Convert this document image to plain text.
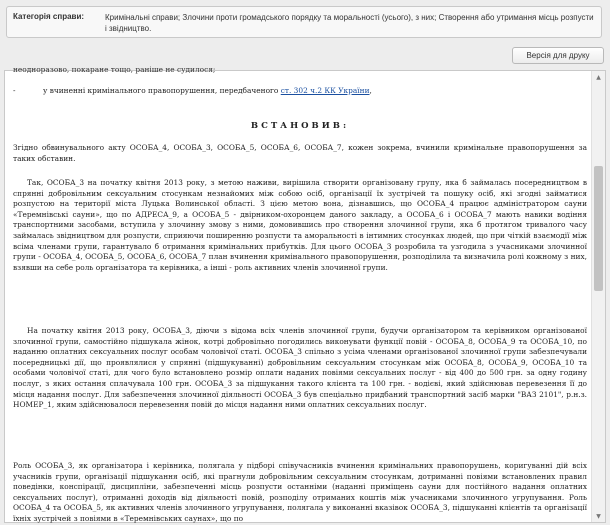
Категорія справи:	Кримінальні справи; Злочини проти громадського порядку та моральності (усього), з них; Створення або утримання місць розпусти і звідництво.
Версія для друку
неодноразово, покаране тощо, раніше не судилося;
-	у вчиненні кримінального правопорушення, передбаченого ст. 302 ч.2 КК України,
ВСТАНОВИВ:

Згідно обвинувального акту ОСОБА_4, ОСОБА_3, ОСОБА_5, ОСОБА_6, ОСОБА_7, кожен зокрема, вчинили кримінальне правопорушення за таких обставин.

Так, ОСОБА_3 на початку квітня 2013 року, з метою наживи, вирішила створити організовану групу, яка б займалась посередництвом в спрянні добровільним сексуальним стосункам незнайомих між собою осіб, організації їх зустрічей та пошуку осіб, які згодні займатися розпустою на території міста Луцька Волинської області. З цією метою вона, дізнавшись, що ОСОБА_4 працює адміністратором сауни «Теремнівські сауни», що по АДРЕСА_9, а ОСОБА_5 - двірником-охоронцем даного закладу, а ОСОБА_6 і ОСОБА_7 мають навики водіння транспортними засобами, вступила у злочинну змову з ними, домовившись про створення злочинної групи, яка б протягом тривалого часу займалась звідництвом для розпусти, сприяючи поширенню розпусти та аморальності в інтимних стосунках людей, що при чіткій взаємодії між всіма членами групи, гарантувало б отримання кримінальних прибутків. Для цього ОСОБА_3 розробила та узгодила з учасниками злочинної групи - ОСОБА_4, ОСОБА_5, ОСОБА_6, ОСОБА_7 план вчинення кримінального правопорушення, розподілила та визначила ролі кожному з них, взявши на себе роль організатора та керівника, а інші - роль активних членів злочинної групи.

На початку квітня 2013 року, ОСОБА_3, діючи з відома всіх членів злочинної групи, будучи організатором та керівником організованої злочинної групи, самостійно підшукала жінок, котрі добровільно погодились виконувати функції повій - ОСОБА_8, ОСОБА_9 та ОСОБА_10, по наданню оплатних сексуальних послуг особам чоловічої статі. ОСОБА_3 спільно з усіма членами організованої злочинної групи забезпечували посередницькі дії, що проявлялися у спрянні (підшукуванні) добровільним сексуальним стосункам між ОСОБА_8, ОСОБА_9, ОСОБА_10 та особами чоловічої статі, для чого було встановлено розмір оплати наданих повіями сексуальних послуг - від 400 до 500 грн. за одну годину послуг, з яких остання сплачувала 100 грн. ОСОБА_3 за підшукання такого клієнта та 100 грн. - водієві, який здійснював перевезення її до місця надання послуг. Для забезпечення злочинної діяльності ОСОБА_3 був спеціально придбаний транспортний засіб марки "ВАЗ 2101", р.н.з. НОМЕР_1, яким здійснювалося перевезення повій до місця надання ними оплатних сексуальних послуг.

Роль ОСОБА_3, як організатора і керівника, полягала у підборі співучасників вчинення кримінальних правопорушень, коригуванні дій всіх учасників групи, організації підшукання осіб, які прагнули добровільним сексуальним стосункам, дотриманні повіями встановлених правил поведінки, конспірації, дисципліни, забезпеченні місць розпусти останніми (наданні приміщень сауни для постійного надання оплатних сексуальних послуг), отриманні доходів від діяльності повій, розподілу отриманих коштів між учасниками злочинного угрупування. Роль ОСОБА_4 та ОСОБА_5, як активних членів злочинного угрупування, полягала у виконанні вказівок ОСОБА_3, підшуканні клієнтів та організації їхніх зустрічей з повіями в «Теремнівських саунах», що по

▲
▼
